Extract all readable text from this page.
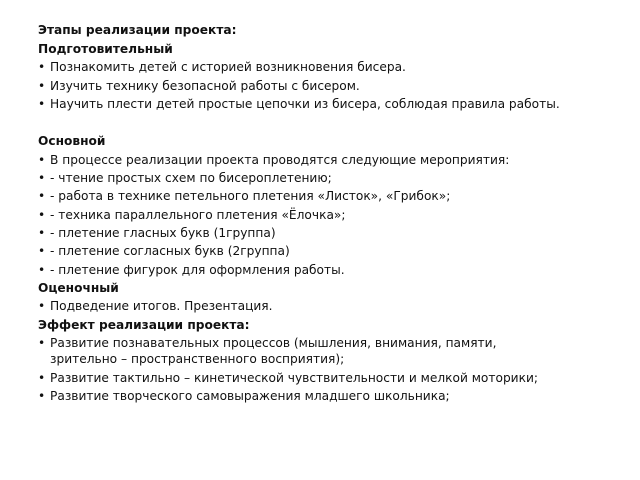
Этапы реализации проекта:
Подготовительный
• Познакомить детей с историей возникновения бисера.
• Изучить технику безопасной работы с бисером.
• Научить плести детей простые цепочки из бисера, соблюдая правила работы.
Основной
• В процессе реализации проекта проводятся следующие мероприятия:
• - чтение простых схем по бисероплетению;
• - работа в технике петельного плетения «Листок», «Грибок»;
• - техника параллельного плетения «Ёлочка»;
• - плетение гласных букв (1группа)
• - плетение согласных букв (2группа)
• - плетение фигурок для оформления работы.
Оценочный
• Подведение итогов. Презентация.
Эффект реализации проекта:
• Развитие познавательных процессов (мышления, внимания, памяти, зрительно – пространственного восприятия);
• Развитие тактильно – кинетической чувствительности и мелкой моторики;
• Развитие творческого самовыражения младшего школьника;
